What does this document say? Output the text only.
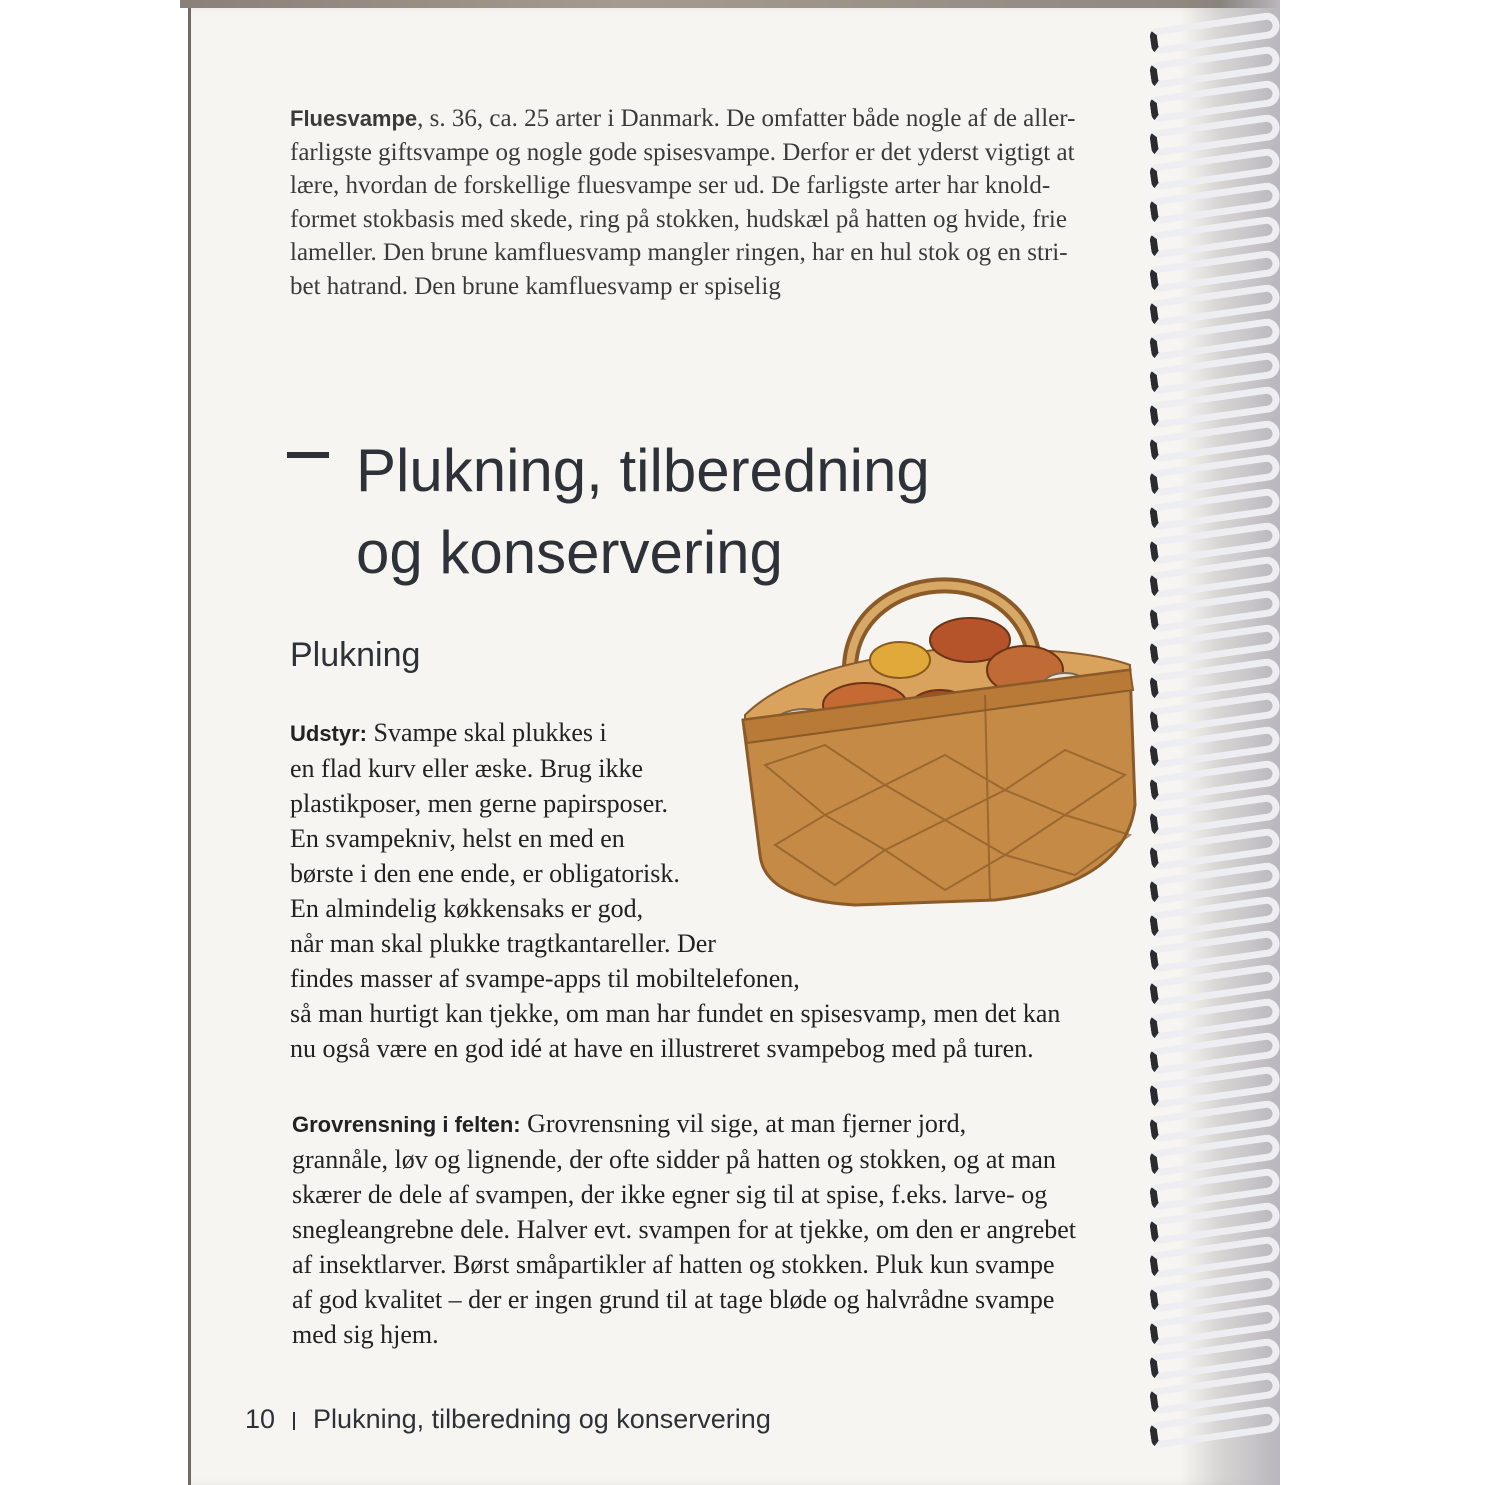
Fluesvampe, s. 36, ca. 25 arter i Danmark. De omfatter både nogle af de aller-
farligste giftsvampe og nogle gode spisesvampe. Derfor er det yderst vigtigt at
lære, hvordan de forskellige fluesvampe ser ud. De farligste arter har knold-
formet stokbasis med skede, ring på stokken, hudskæl på hatten og hvide, frie
lameller. Den brune kamfluesvamp mangler ringen, har en hul stok og en stri-
bet hatrand. Den brune kamfluesvamp er spiselig
Plukning, tilberedning
og konservering
Plukning
Udstyr: Svampe skal plukkes i
en flad kurv eller æske. Brug ikke
plastikposer, men gerne papirsposer.
En svampekniv, helst en med en
børste i den ene ende, er obligatorisk.
En almindelig køkkensaks er god,
når man skal plukke tragtkantareller. Der
findes masser af svampe-apps til mobiltelefonen,
så man hurtigt kan tjekke, om man har fundet en spisesvamp, men det kan
nu også være en god idé at have en illustreret svampebog med på turen.
Grovrensning i felten: Grovrensning vil sige, at man fjerner jord,
grannåle, løv og lignende, der ofte sidder på hatten og stokken, og at man
skærer de dele af svampen, der ikke egner sig til at spise, f.eks. larve- og
snegleangrebne dele. Halver evt. svampen for at tjekke, om den er angrebet
af insektlarver. Børst småpartikler af hatten og stokken. Pluk kun svampe
af god kvalitet – der er ingen grund til at tage bløde og halvrådne svampe
med sig hjem.
10 Plukning, tilberedning og konservering
